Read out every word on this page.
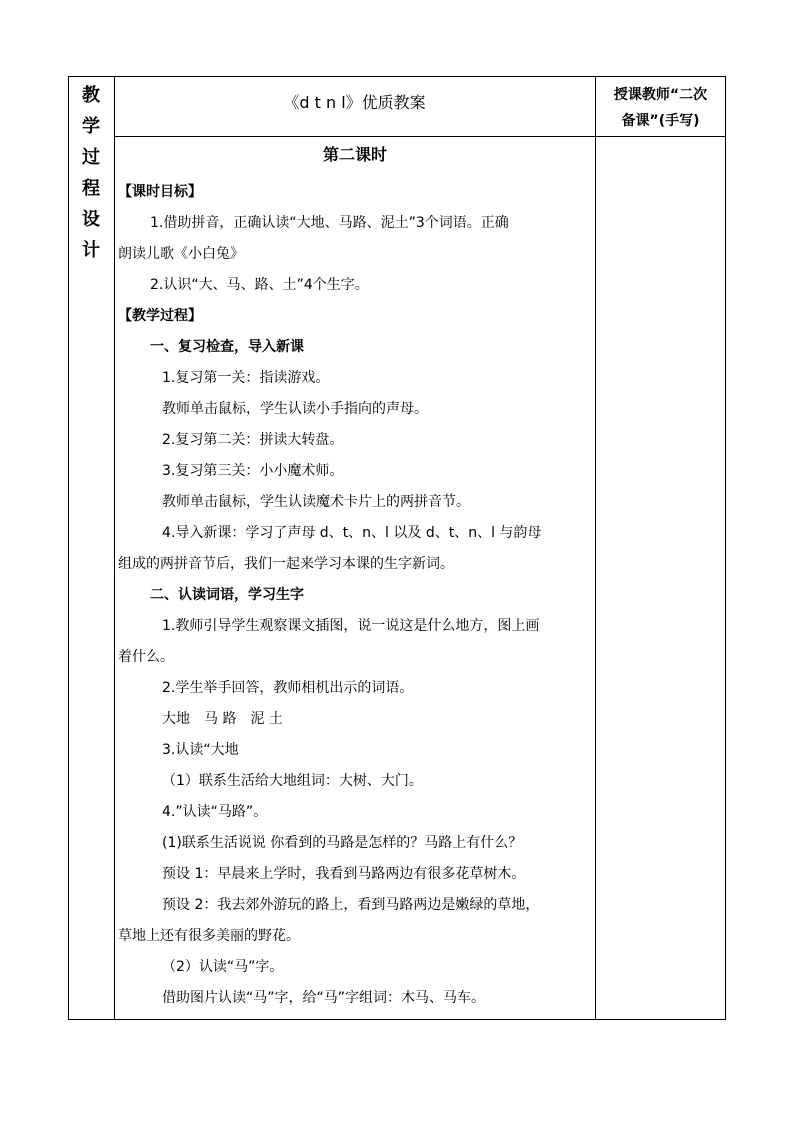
教
学
过
程
设
计
《d t n l》优质教案	授课教师“二次
备课”(手写)
第二课时
【课时目标】
1.借助拼音，正确认读“大地、马路、泥土”3个词语。正确
朗读儿歌《小白兔》
2.认识“大、马、路、土”4个生字。
【教学过程】
一、复习检查，导入新课
1.复习第一关：指读游戏。
教师单击鼠标，学生认读小手指向的声母。
2.复习第二关：拼读大转盘。
3.复习第三关：小小魔术师。
教师单击鼠标，学生认读魔术卡片上的两拼音节。
4.导入新课：学习了声母 d、t、n、l 以及 d、t、n、l 与韵母
组成的两拼音节后，我们一起来学习本课的生字新词。
二、认读词语，学习生字
1.教师引导学生观察课文插图，说一说这是什么地方，图上画
着什么。
2.学生举手回答，教师相机出示的词语。
大地　马 路　泥 土
3.认读“大地
（1）联系生活给大地组词：大树、大门。
4.”认读“马路”。
(1)联系生活说说 你看到的马路是怎样的？马路上有什么？
预设 1：早晨来上学时，我看到马路两边有很多花草树木。
预设 2：我去郊外游玩的路上，看到马路两边是嫩绿的草地，
草地上还有很多美丽的野花。
（2）认读“马”字。
借助图片认读“马”字，给“马”字组词：木马、马车。
